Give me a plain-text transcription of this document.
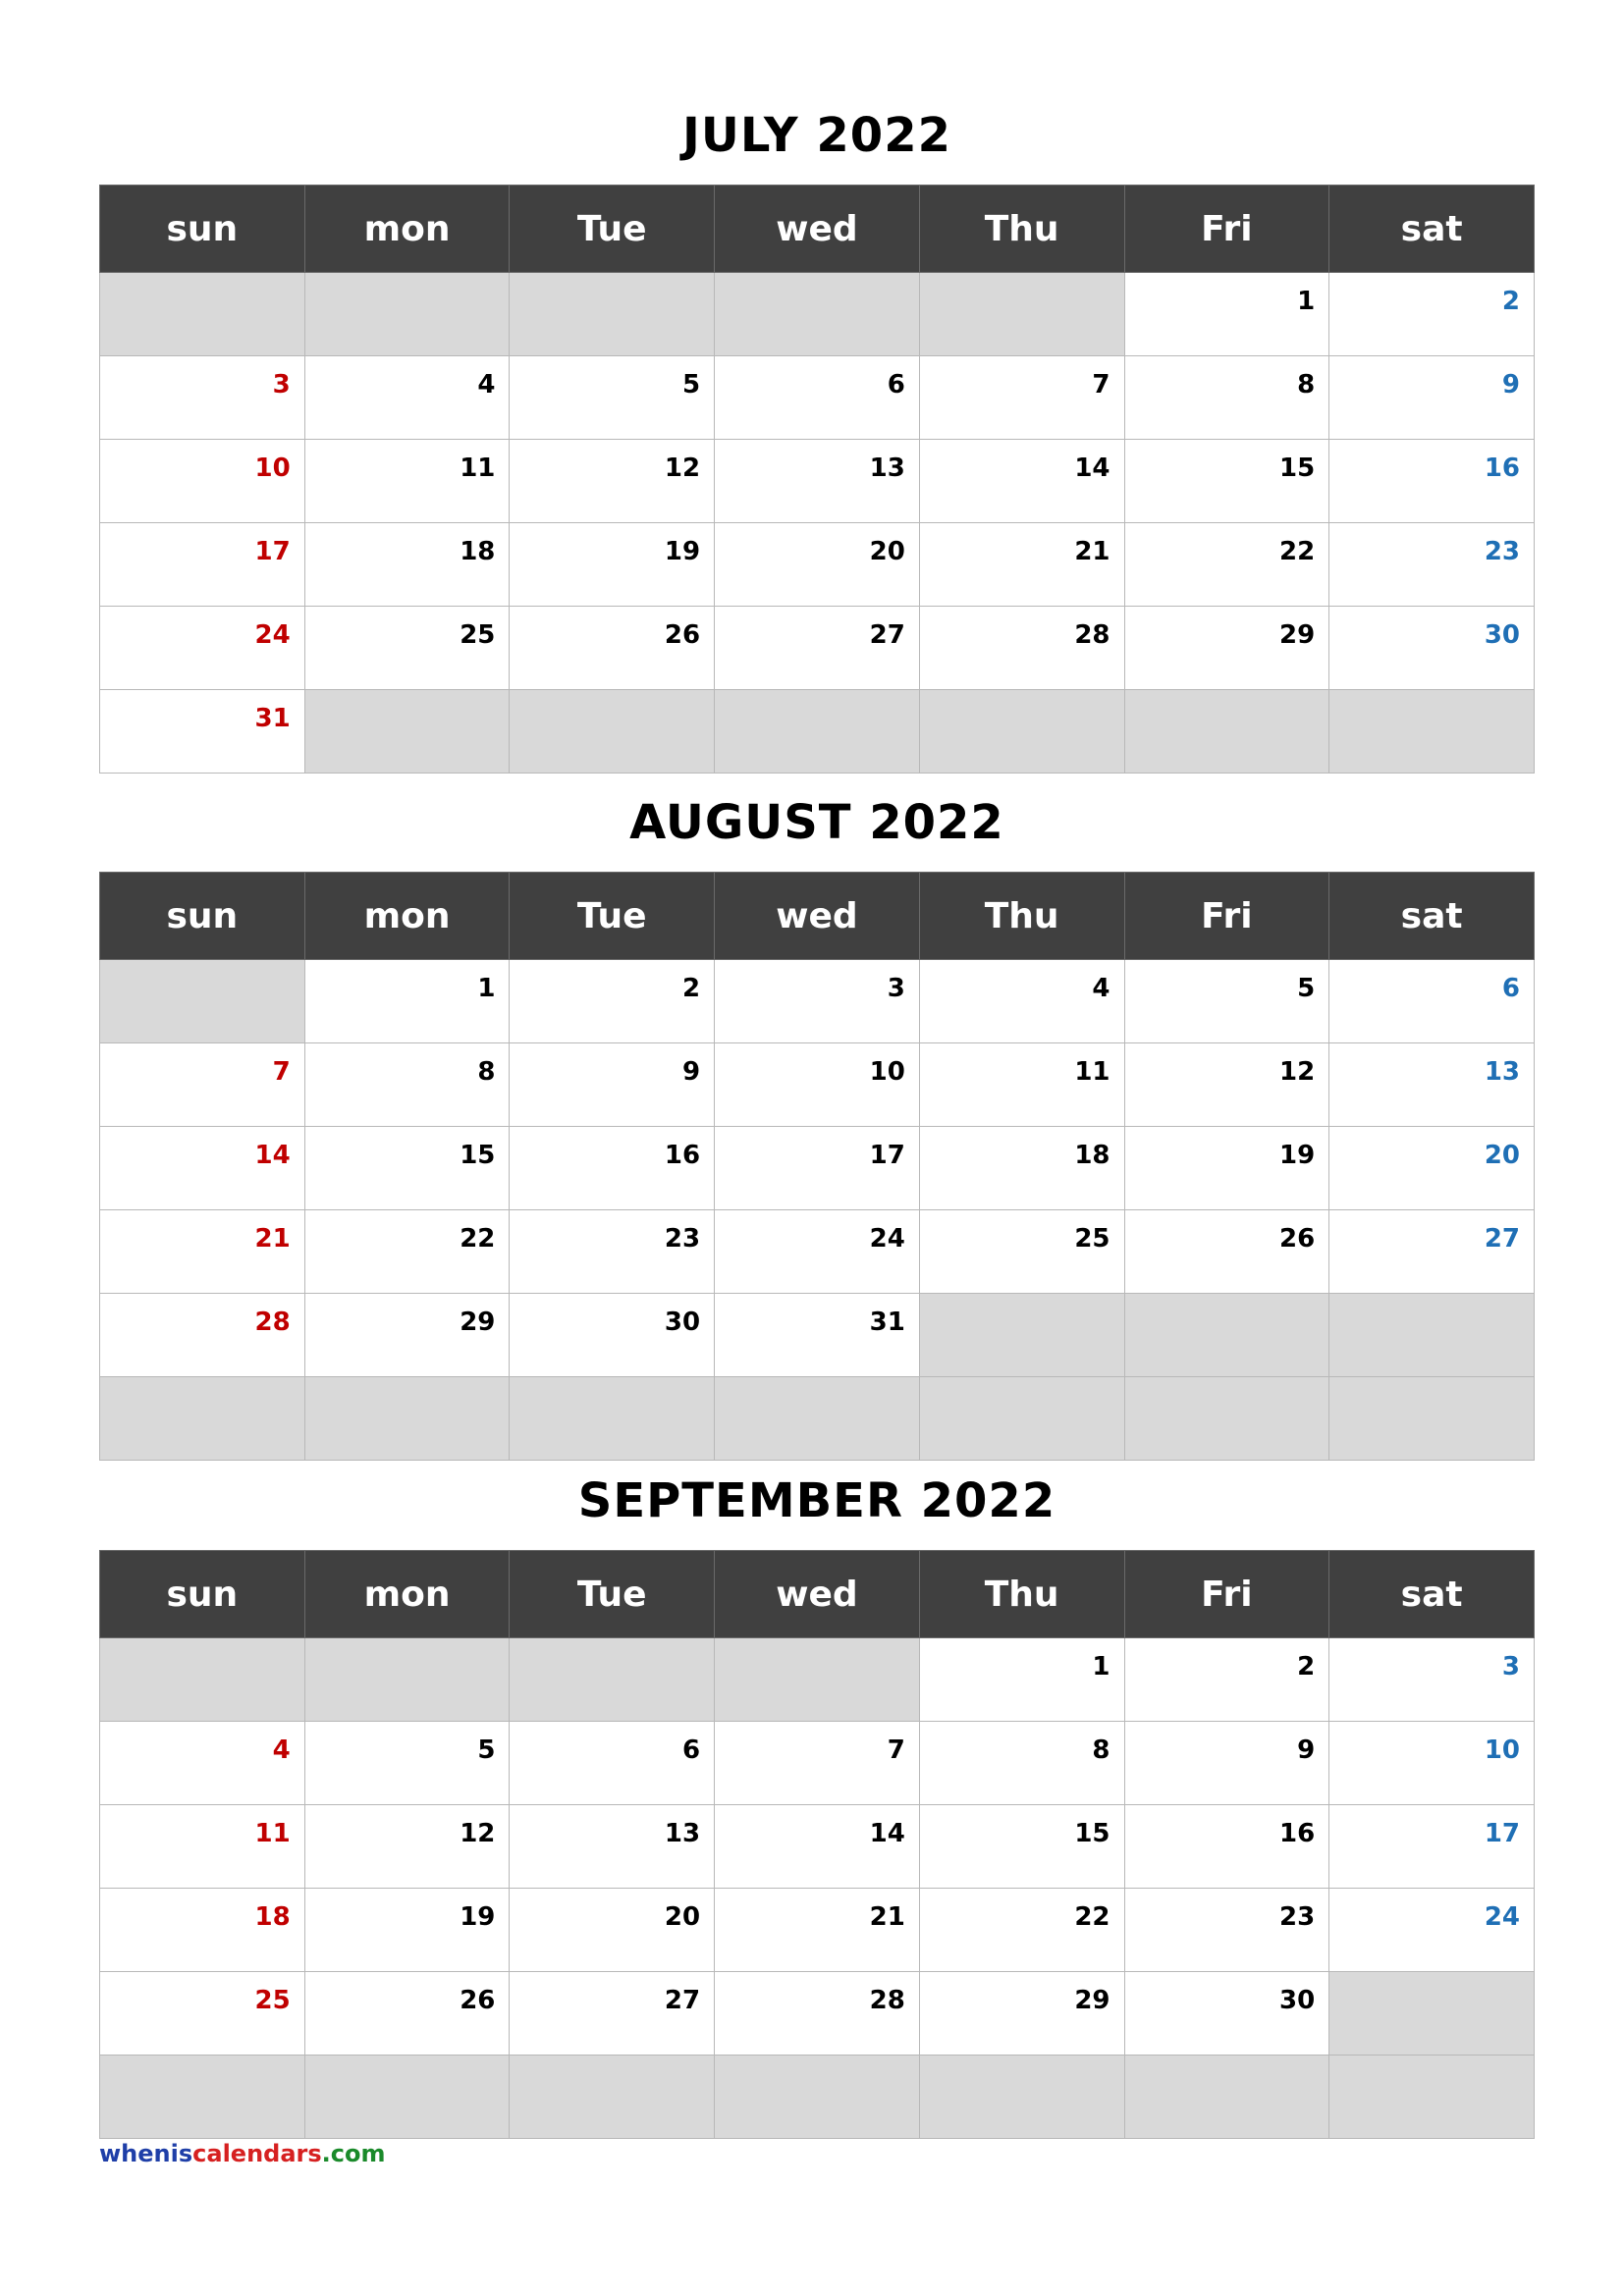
JULY 2022
sun	mon	Tue	wed	Thu	Fri	sat
					1	2
3	4	5	6	7	8	9
10	11	12	13	14	15	16
17	18	19	20	21	22	23
24	25	26	27	28	29	30
31						
AUGUST 2022
sun	mon	Tue	wed	Thu	Fri	sat
	1	2	3	4	5	6
7	8	9	10	11	12	13
14	15	16	17	18	19	20
21	22	23	24	25	26	27
28	29	30	31			

SEPTEMBER 2022
sun	mon	Tue	wed	Thu	Fri	sat
				1	2	3
4	5	6	7	8	9	10
11	12	13	14	15	16	17
18	19	20	21	22	23	24
25	26	27	28	29	30	

wheniscalendars.com
